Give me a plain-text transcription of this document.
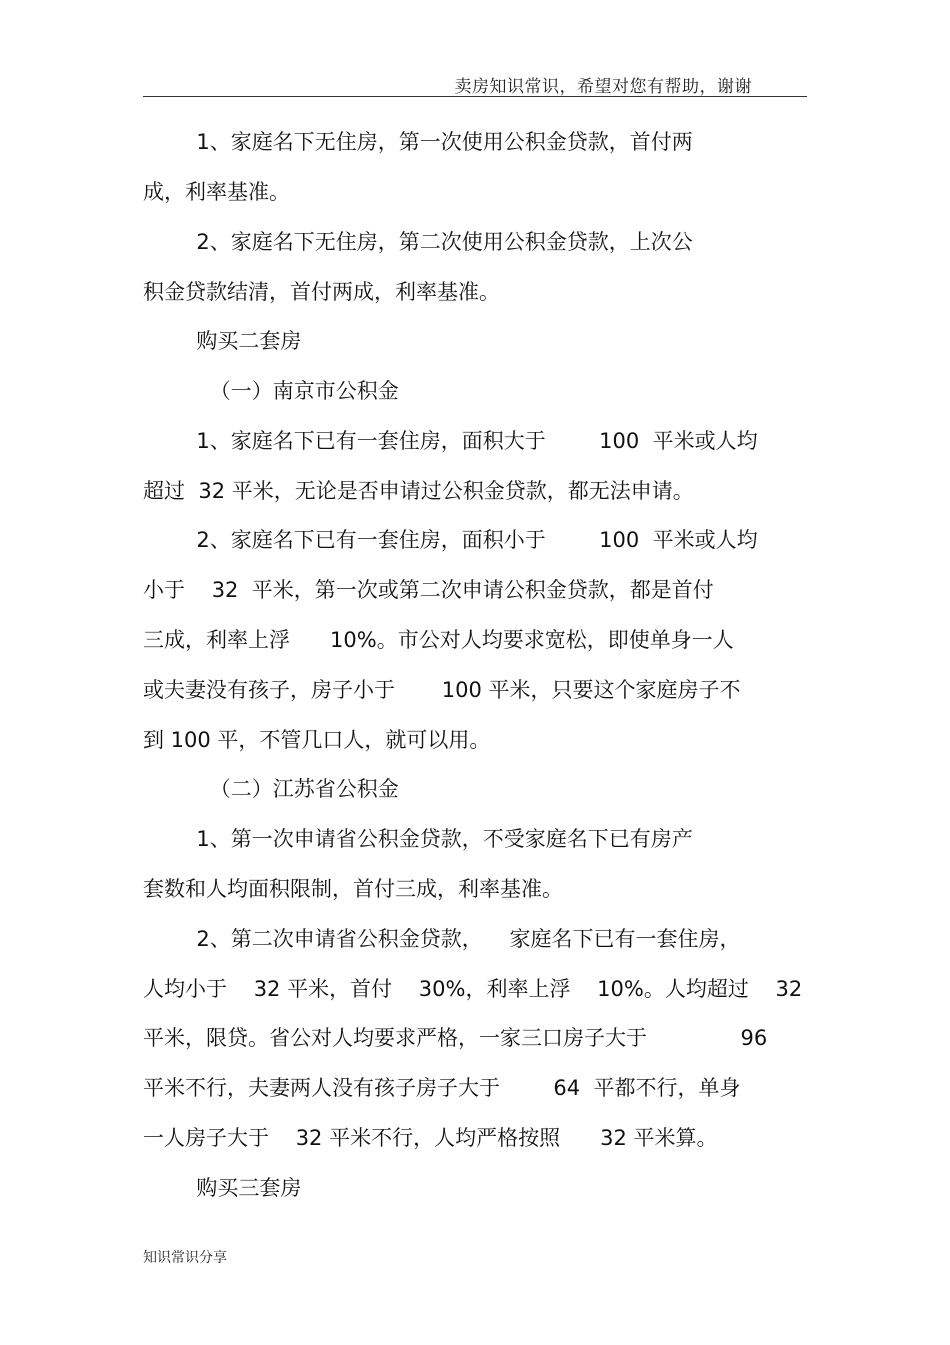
卖房知识常识，希望对您有帮助，谢谢
1、家庭名下无住房，第一次使用公积金贷款，首付两
成，利率基准。
2、家庭名下无住房，第二次使用公积金贷款，上次公
积金贷款结清，首付两成，利率基准。
购买二套房
（一）南京市公积金
1、家庭名下已有一套住房，面积大于        100  平米或人均
超过  32 平米，无论是否申请过公积金贷款，都无法申请。
2、家庭名下已有一套住房，面积小于        100  平米或人均
小于    32  平米，第一次或第二次申请公积金贷款，都是首付
三成，利率上浮      10%。市公对人均要求宽松，即使单身一人
或夫妻没有孩子，房子小于       100 平米，只要这个家庭房子不
到 100 平，不管几口人，就可以用。
（二）江苏省公积金
1、第一次申请省公积金贷款，不受家庭名下已有房产
套数和人均面积限制，首付三成，利率基准。
2、第二次申请省公积金贷款，    家庭名下已有一套住房，
人均小于    32 平米，首付    30%，利率上浮    10%。人均超过    32
平米，限贷。省公对人均要求严格，一家三口房子大于              96
平米不行，夫妻两人没有孩子房子大于        64  平都不行，单身
一人房子大于    32 平米不行，人均严格按照      32 平米算。
购买三套房
知识常识分享
